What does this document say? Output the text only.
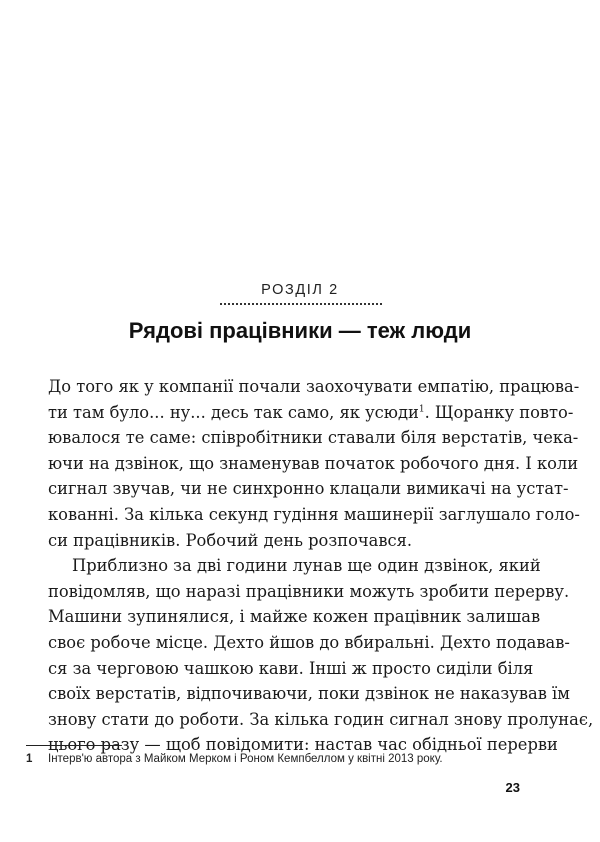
РОЗДІЛ 2
Рядові працівники — теж люди

До того як у компанії почали заохочувати емпатію, працюва-
ти там було... ну... десь так само, як усюди$^1$. Щоранку повто-
ювалося те саме: співробітники ставали біля верстатів, чека-
ючи на дзвінок, що знаменував початок робочого дня. І коли
сигнал звучав, чи не синхронно клацали вимикачі на устат-
кованні. За кілька секунд гудіння машинерії заглушало голо-
си працівників. Робочий день розпочався.

Приблизно за дві години лунав ще один дзвінок, який
повідомляв, що наразі працівники можуть зробити перерву.
Машини зупинялися, і майже кожен працівник залишав
своє робоче місце. Дехто йшов до вбиральні. Дехто подавав-
ся за черговою чашкою кави. Інші ж просто сиділи біля
своїх верстатів, відпочиваючи, поки дзвінок не наказував їм
знову стати до роботи. За кілька годин сигнал знову пролунає,
цього разу — щоб повідомити: настав час обідньої перерви

1 Інтерв'ю автора з Майком Мерком і Роном Кемпбеллом у квітні 2013 року.
23
